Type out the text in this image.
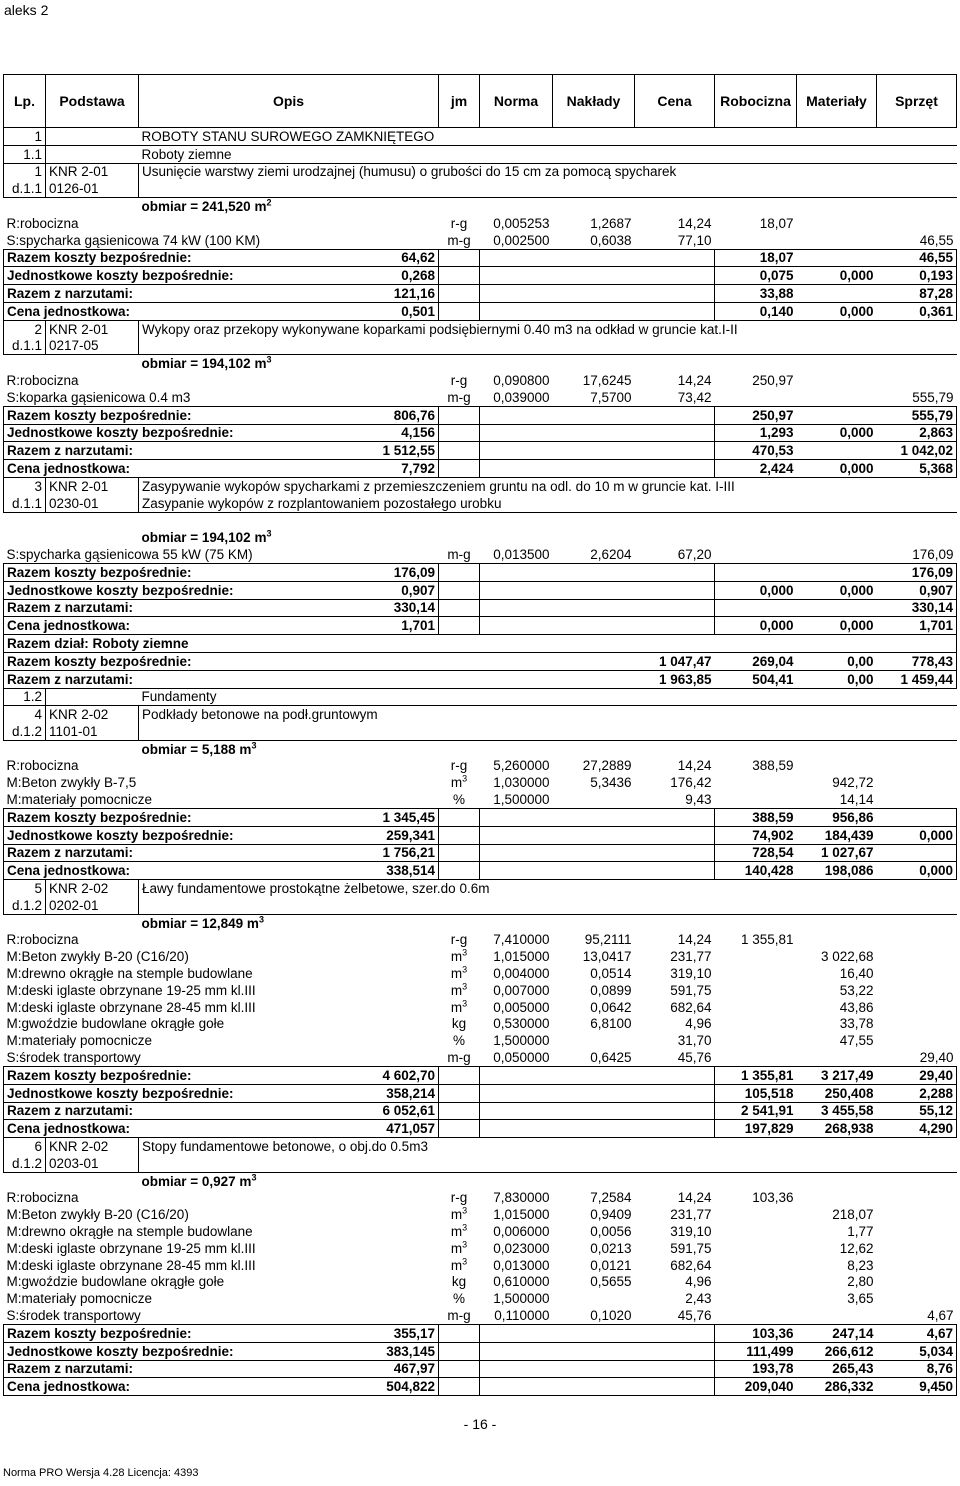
aleks 2
Lp.	Podstawa	Opis	jm	Norma	Nakłady	Cena	Robocizna	Materiały	Sprzęt
1		ROBOTY STANU SUROWEGO ZAMKNIĘTEGO							
1.1		Roboty ziemne							
1	KNR 2-01	Usunięcie warstwy ziemi urodzajnej (humusu) o grubości do 15 cm za pomocą spycharek							
d.1.1	0126-01								
		obmiar = 241,520 $m^2$
R:robocizna			r-g	0,005253	1,2687	14,24	18,07		
S:spycharka gąsienicowa 74 kW (100 KM)			m-g	0,002500	0,6038	77,10			46,55
Razem koszty bezpośrednie:		64,62					18,07		46,55
Jednostkowe koszty bezpośrednie:		0,268					0,075	0,000	0,193
Razem z narzutami:		121,16					33,88		87,28
Cena jednostkowa:		0,501					0,140	0,000	0,361
2	KNR 2-01	Wykopy oraz przekopy wykonywane koparkami podsiębiernymi 0.40 m3 na odkład w gruncie kat.I-II							
d.1.1	0217-05								
		obmiar = 194,102 $m^3$
R:robocizna			r-g	0,090800	17,6245	14,24	250,97		
S:koparka gąsienicowa 0.4 m3			m-g	0,039000	7,5700	73,42			555,79
Razem koszty bezpośrednie:		806,76					250,97		555,79
Jednostkowe koszty bezpośrednie:		4,156					1,293	0,000	2,863
Razem z narzutami:		1 512,55					470,53		1 042,02
Cena jednostkowa:		7,792					2,424	0,000	5,368
3	KNR 2-01	Zasypywanie wykopów spycharkami z przemieszczeniem gruntu na odl. do 10 m w gruncie kat. I-III							
d.1.1	0230-01	Zasypanie wykopów z rozplantowaniem pozostałego urobku							

		obmiar = 194,102 $m^3$
S:spycharka gąsienicowa 55 kW (75 KM)			m-g	0,013500	2,6204	67,20			176,09
Razem koszty bezpośrednie:		176,09							176,09
Jednostkowe koszty bezpośrednie:		0,907					0,000	0,000	0,907
Razem z narzutami:		330,14							330,14
Cena jednostkowa:		1,701					0,000	0,000	1,701
Razem dział: Roboty ziemne									
Razem koszty bezpośrednie:						1 047,47	269,04	0,00	778,43
Razem z narzutami:						1 963,85	504,41	0,00	1 459,44
1.2		Fundamenty							
4	KNR 2-02	Podkłady betonowe na podł.gruntowym							
d.1.2	1101-01								
		obmiar = 5,188 $m^3$
R:robocizna			r-g	5,260000	27,2889	14,24	388,59		
M:Beton zwykły B-7,5			$m^3$	1,030000	5,3436	176,42		942,72	
M:materiały pomocnicze			%	1,500000		9,43		14,14	
Razem koszty bezpośrednie:		1 345,45					388,59	956,86	
Jednostkowe koszty bezpośrednie:		259,341					74,902	184,439	0,000
Razem z narzutami:		1 756,21					728,54	1 027,67	
Cena jednostkowa:		338,514					140,428	198,086	0,000
5	KNR 2-02	Ławy fundamentowe prostokątne żelbetowe, szer.do 0.6m							
d.1.2	0202-01								
		obmiar = 12,849 $m^3$
R:robocizna			r-g	7,410000	95,2111	14,24	1 355,81		
M:Beton zwykły B-20 (C16/20)			$m^3$	1,015000	13,0417	231,77		3 022,68	
M:drewno okrągłe na stemple budowlane			$m^3$	0,004000	0,0514	319,10		16,40	
M:deski iglaste obrzynane 19-25 mm kl.III			$m^3$	0,007000	0,0899	591,75		53,22	
M:deski iglaste obrzynane 28-45 mm kl.III			$m^3$	0,005000	0,0642	682,64		43,86	
M:gwoździe budowlane okrągłe gołe			kg	0,530000	6,8100	4,96		33,78	
M:materiały pomocnicze			%	1,500000		31,70		47,55	
S:środek transportowy			m-g	0,050000	0,6425	45,76			29,40
Razem koszty bezpośrednie:		4 602,70					1 355,81	3 217,49	29,40
Jednostkowe koszty bezpośrednie:		358,214					105,518	250,408	2,288
Razem z narzutami:		6 052,61					2 541,91	3 455,58	55,12
Cena jednostkowa:		471,057					197,829	268,938	4,290
6	KNR 2-02	Stopy fundamentowe betonowe, o obj.do 0.5m3							
d.1.2	0203-01								
		obmiar = 0,927 $m^3$
R:robocizna			r-g	7,830000	7,2584	14,24	103,36		
M:Beton zwykły B-20 (C16/20)			$m^3$	1,015000	0,9409	231,77		218,07	
M:drewno okrągłe na stemple budowlane			$m^3$	0,006000	0,0056	319,10		1,77	
M:deski iglaste obrzynane 19-25 mm kl.III			$m^3$	0,023000	0,0213	591,75		12,62	
M:deski iglaste obrzynane 28-45 mm kl.III			$m^3$	0,013000	0,0121	682,64		8,23	
M:gwoździe budowlane okrągłe gołe			kg	0,610000	0,5655	4,96		2,80	
M:materiały pomocnicze			%	1,500000		2,43		3,65	
S:środek transportowy			m-g	0,110000	0,1020	45,76			4,67
Razem koszty bezpośrednie:		355,17					103,36	247,14	4,67
Jednostkowe koszty bezpośrednie:		383,145					111,499	266,612	5,034
Razem z narzutami:		467,97					193,78	265,43	8,76
Cena jednostkowa:		504,822					209,040	286,332	9,450
- 16 -
Norma PRO Wersja 4.28 Licencja: 4393
